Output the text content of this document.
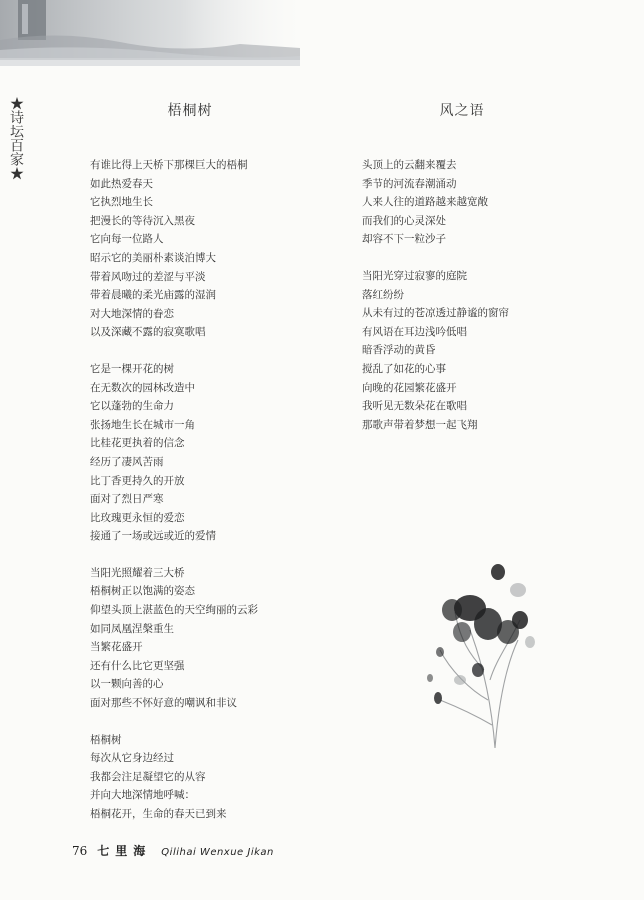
★诗坛百家★	梧桐树
有谁比得上天桥下那棵巨大的梧桐
如此热爱春天
它执烈地生长
把漫长的等待沉入黑夜
它向每一位路人
昭示它的美丽朴素谈泊博大
带着风吻过的差涩与平淡
带着晨曦的柔光庙露的湿润
对大地深情的眷恋
以及深藏不露的寂寞歌唱
它是一棵开花的树
在无数次的园林改造中
它以蓬勃的生命力
张扬地生长在城市一角
比桂花更执着的信念
经历了凄风苦雨
比丁香更持久的开放
面对了烈日严寒
比玫瑰更永恒的爱恋
接通了一场或远或近的爱情
当阳光照耀着三大桥
梧桐树正以饱满的姿态
仰望头顶上湛蓝色的天空绚丽的云彩
如同凤凰涅槃重生
当繁花盛开
还有什么比它更坚强
以一颗向善的心
面对那些不怀好意的嘲讽和非议
梧桐树
每次从它身边经过
我都会注足凝望它的从容
并向大地深情地呼喊：
梧桐花开，生命的春天已到来
风之语
头顶上的云翻来覆去
季节的河流春潮涌动
人来人往的道路越来越宽敞
而我们的心灵深处
却容不下一粒沙子
当阳光穿过寂寥的庭院
落红纷纷
从未有过的苍凉透过静谧的窗帘
有风语在耳边浅吟低唱
暗香浮动的黄昏
搅乱了如花的心事
向晚的花园繁花盛开
我听见无数朵花在歌唱
那歌声带着梦想一起飞翔
76 七里海 Qilihai Wenxue Jikan
